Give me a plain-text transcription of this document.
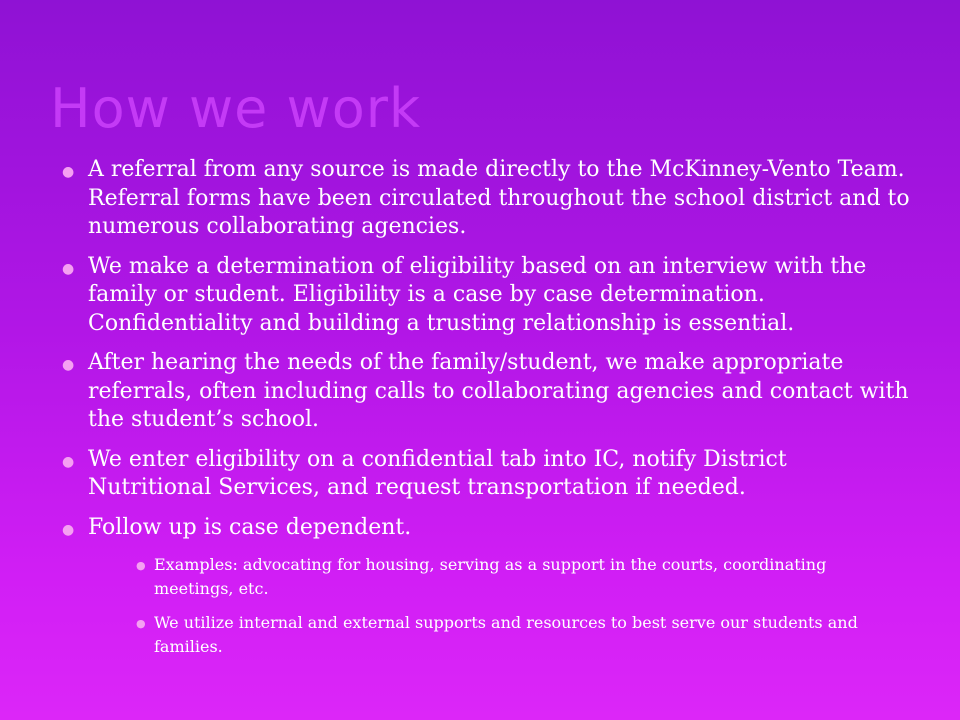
How we work
● A referral from any source is made directly to the McKinney-Vento Team. Referral forms have been circulated throughout the school district and to numerous collaborating agencies.
● We make a determination of eligibility based on an interview with the family or student. Eligibility is a case by case determination. Confidentiality and building a trusting relationship is essential.
● After hearing the needs of the family/student, we make appropriate referrals, often including calls to collaborating agencies and contact with the student’s school.
● We enter eligibility on a confidential tab into IC, notify District Nutritional Services, and request transportation if needed.
● Follow up is case dependent.
● Examples: advocating for housing, serving as a support in the courts, coordinating meetings, etc.
● We utilize internal and external supports and resources to best serve our students and families.
